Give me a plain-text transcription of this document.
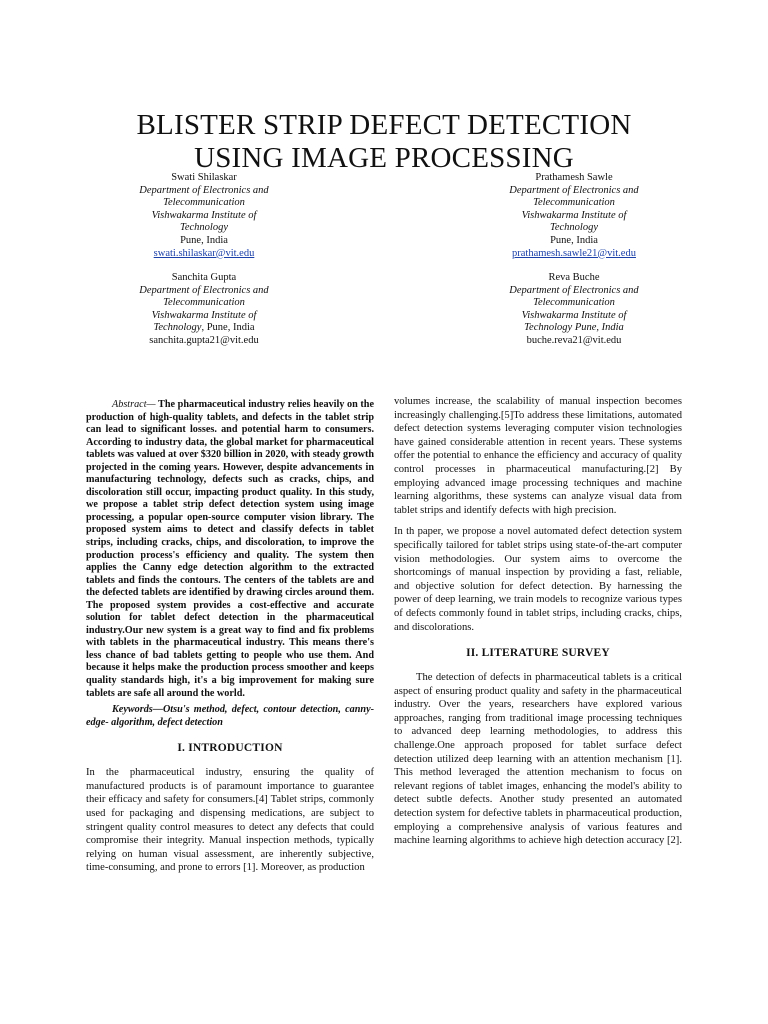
BLISTER STRIP DEFECT DETECTION
USING IMAGE PROCESSING
Swati Shilaskar
Department of Electronics and
Telecommunication
Vishwakarma Institute of
Technology
Pune, India
swati.shilaskar@vit.edu
Prathamesh Sawle
Department of Electronics and
Telecommunication
Vishwakarma Institute of
Technology
Pune, India
prathamesh.sawle21@vit.edu
Sanchita Gupta
Department of Electronics and
Telecommunication
Vishwakarma Institute of
Technology, Pune, India
sanchita.gupta21@vit.edu
Reva Buche
Department of Electronics and
Telecommunication
Vishwakarma Institute of
Technology Pune, India
buche.reva21@vit.edu

Abstract— The pharmaceutical industry relies heavily on the production of high-quality tablets, and defects in the tablet strip can lead to significant losses. and potential harm to consumers. According to industry data, the global market for pharmaceutical tablets was valued at over $320 billion in 2020, with steady growth projected in the coming years. However, despite advancements in manufacturing technology, defects such as cracks, chips, and discoloration still occur, impacting product quality. In this study, we propose a tablet strip defect detection system using image processing, a popular open-source computer vision library. The proposed system aims to detect and classify defects in tablet strips, including cracks, chips, and discoloration, to improve the production process's efficiency and quality. The system then applies the Canny edge detection algorithm to the extracted tablets and finds the contours. The centers of the tablets are and the defected tablets are identified by drawing circles around them. The proposed system provides a cost-effective and accurate solution for tablet defect detection in the pharmaceutical industry.Our new system is a great way to find and fix problems with tablets in the pharmaceutical industry. This means there's less chance of bad tablets getting to people who use them. And because it helps make the production process smoother and keeps quality standards high, it's a big improvement for making sure tablets are safe all around the world.

Keywords—Otsu's method, defect, contour detection, canny-edge- algorithm, defect detection

I. INTRODUCTION

In the pharmaceutical industry, ensuring the quality of manufactured products is of paramount importance to guarantee their efficacy and safety for consumers.[4] Tablet strips, commonly used for packaging and dispensing medications, are subject to stringent quality control measures to detect any defects that could compromise their integrity. Manual inspection methods, typically relying on human visual assessment, are inherently subjective, time-consuming, and prone to errors [1]. Moreover, as production

volumes increase, the scalability of manual inspection becomes increasingly challenging.[5]To address these limitations, automated defect detection systems leveraging computer vision technologies have gained considerable attention in recent years. These systems offer the potential to enhance the efficiency and accuracy of quality control processes in pharmaceutical manufacturing.[2] By employing advanced image processing techniques and machine learning algorithms, these systems can analyze visual data from tablet strips and identify defects with high precision.

In th paper, we propose a novel automated defect detection system specifically tailored for tablet strips using state-of-the-art computer vision methodologies. Our system aims to overcome the shortcomings of manual inspection by providing a fast, reliable, and objective solution for defect detection. By harnessing the power of deep learning, we train models to recognize various types of defects commonly found in tablet strips, including cracks, chips, and discolorations.

II. LITERATURE SURVEY

The detection of defects in pharmaceutical tablets is a critical aspect of ensuring product quality and safety in the pharmaceutical industry. Over the years, researchers have explored various approaches, ranging from traditional image processing techniques to advanced deep learning methodologies, to address this challenge.One approach proposed for tablet surface defect detection utilized deep learning with an attention mechanism [1]. This method leveraged the attention mechanism to focus on relevant regions of tablet images, enhancing the model's ability to detect subtle defects. Another study presented an automated detection system for defective tablets in pharmaceutical production, employing a comprehensive analysis of various features and machine learning algorithms to achieve high detection accuracy [2].
